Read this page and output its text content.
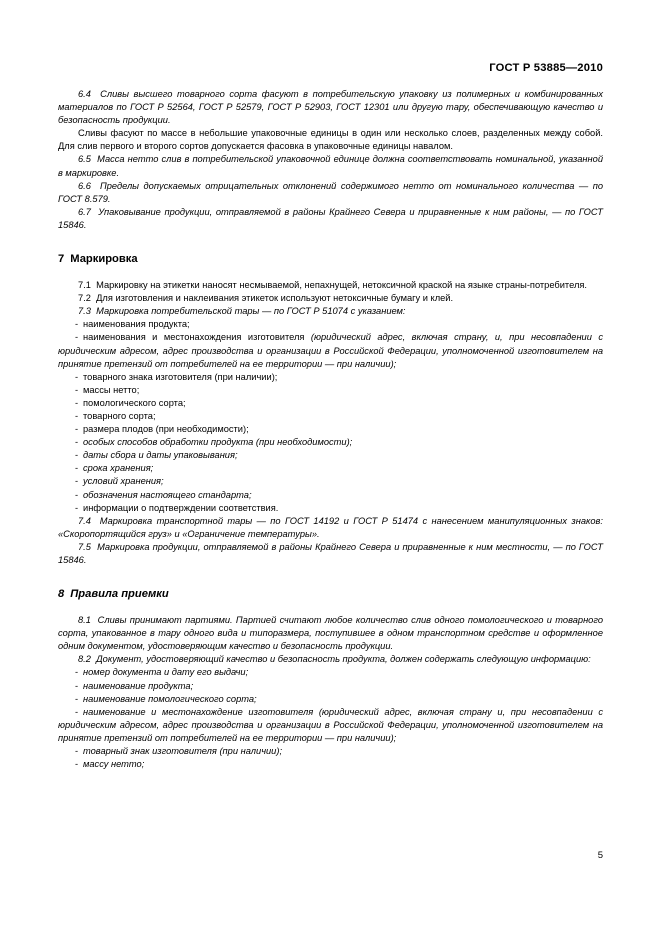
ГОСТ Р 53885—2010

6.4 Сливы высшего товарного сорта фасуют в потребительскую упаковку из полимерных и комбинированных материалов по ГОСТ Р 52564, ГОСТ Р 52579, ГОСТ Р 52903, ГОСТ 12301 или другую тару, обеспечивающую качество и безопасность продукции.

Сливы фасуют по массе в небольшие упаковочные единицы в один или несколько слоев, разделенных между собой. Для слив первого и второго сортов допускается фасовка в упаковочные единицы навалом.

6.5 Масса нетто слив в потребительской упаковочной единице должна соответствовать номинальной, указанной в маркировке.

6.6 Пределы допускаемых отрицательных отклонений содержимого нетто от номинального количества — по ГОСТ 8.579.

6.7 Упаковывание продукции, отправляемой в районы Крайнего Севера и приравненные к ним районы, — по ГОСТ 15846.

7 Маркировка

7.1 Маркировку на этикетки наносят несмываемой, непахнущей, нетоксичной краской на языке страны-потребителя.

7.2 Для изготовления и наклеивания этикеток используют нетоксичные бумагу и клей.

7.3 Маркировка потребительской тары — по ГОСТ Р 51074 с указанием:

- наименования продукта;
- наименования и местонахождения изготовителя (юридический адрес, включая страну, и, при несовпадении с юридическим адресом, адрес производства и организации в Российской Федерации, уполномоченной изготовителем на принятие претензий от потребителей на ее территории — при наличии);
- товарного знака изготовителя (при наличии);
- массы нетто;
- помологического сорта;
- товарного сорта;
- размера плодов (при необходимости);
- особых способов обработки продукта (при необходимости);
- даты сбора и даты упаковывания;
- срока хранения;
- условий хранения;
- обозначения настоящего стандарта;
- информации о подтверждении соответствия.

7.4 Маркировка транспортной тары — по ГОСТ 14192 и ГОСТ Р 51474 с нанесением манипуляционных знаков: «Скоропортящийся груз» и «Ограничение температуры».

7.5 Маркировка продукции, отправляемой в районы Крайнего Севера и приравненные к ним местности, — по ГОСТ 15846.

8 Правила приемки

8.1 Сливы принимают партиями. Партией считают любое количество слив одного помологического и товарного сорта, упакованное в тару одного вида и типоразмера, поступившее в одном транспортном средстве и оформленное одним документом, удостоверяющим качество и безопасность продукции.

8.2 Документ, удостоверяющий качество и безопасность продукта, должен содержать следующую информацию:

- номер документа и дату его выдачи;
- наименование продукта;
- наименование помологического сорта;
- наименование и местонахождение изготовителя (юридический адрес, включая страну и, при несовпадении с юридическим адресом, адрес производства и организации в Российской Федерации, уполномоченной изготовителем на принятие претензий от потребителей на ее территории — при наличии);
- товарный знак изготовителя (при наличии);
- массу нетто;
5
